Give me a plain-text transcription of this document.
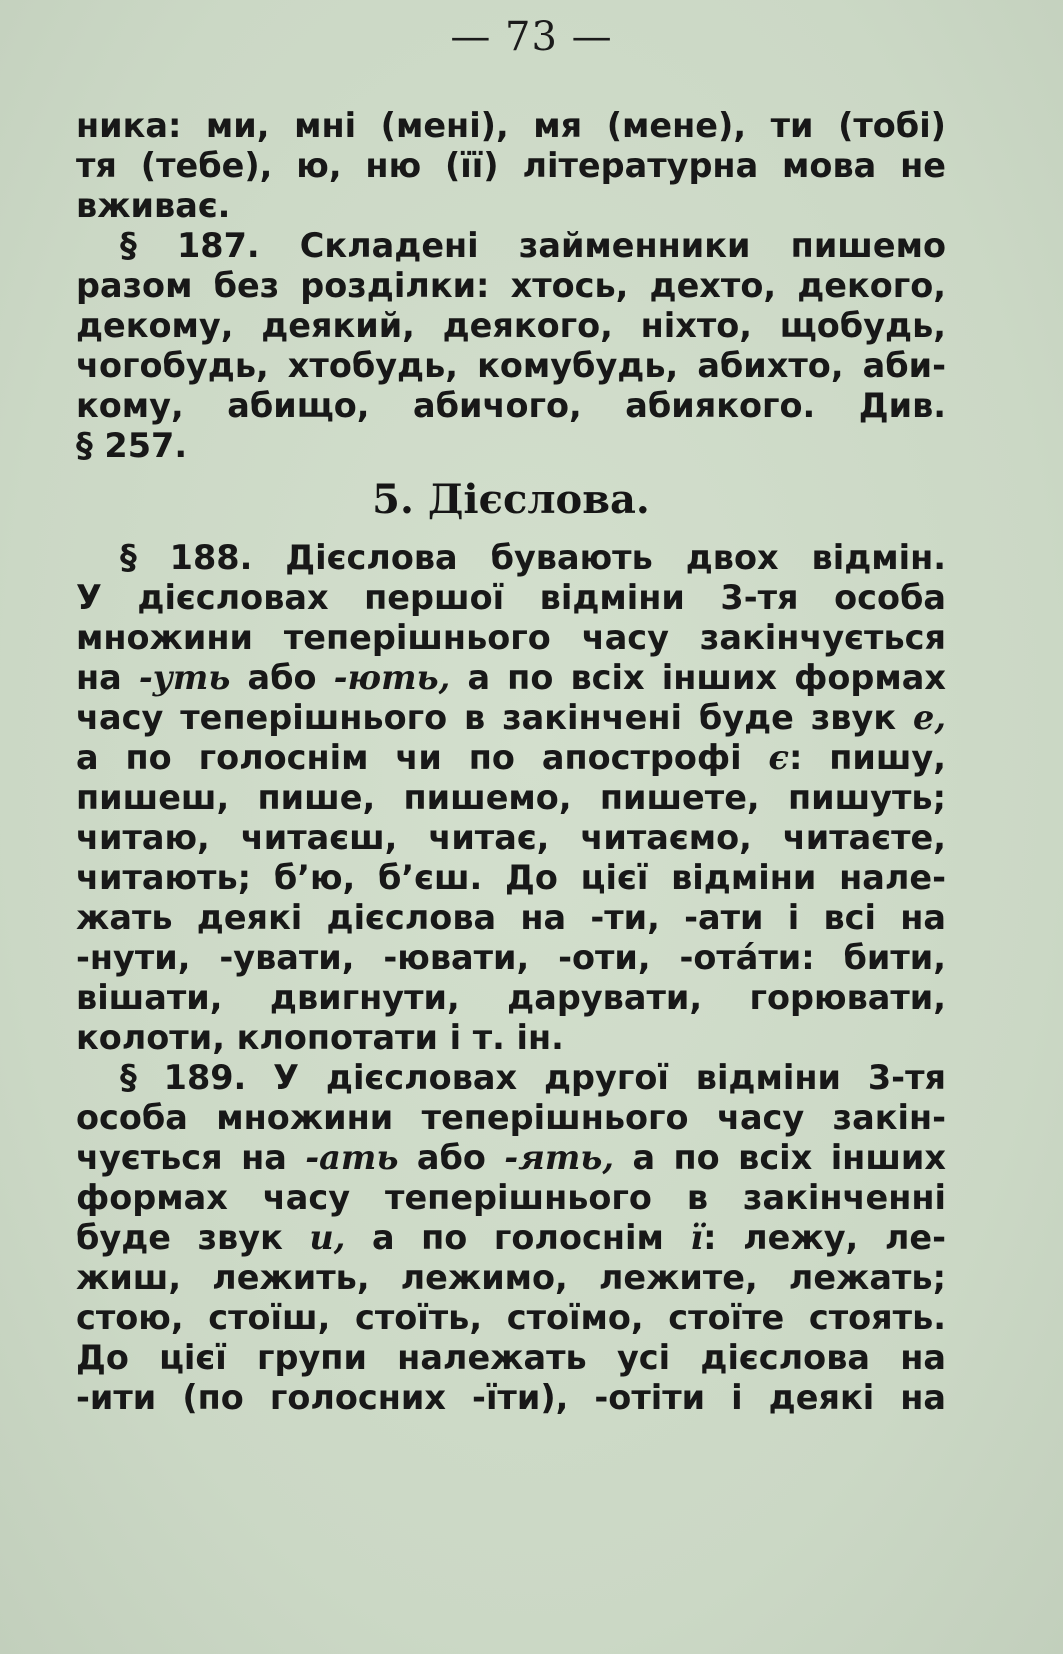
— 73 —
ника: ми, мні (мені), мя (мене), ти (тобі)
тя (тебе), ю, ню (її) літературна мова не
вживає.
§ 187. Складені займенники пишемо
разом без розділки: хтось, дехто, декого,
декому, деякий, деякого, ніхто, щобудь,
чогобудь, хтобудь, комубудь, абихто, аби-
кому, абищо, абичого, абиякого. Див.
§ 257.
5. Дієслова.
§ 188. Дієслова бувають двох відмін.
У дієсловах першої відміни 3-тя особа
множини теперішнього часу закінчується
на -уть або -ють, а по всіх інших формах
часу теперішнього в закінчені буде звук е,
а по голоснім чи по апострофі є: пишу,
пишеш, пише, пишемо, пишете, пишуть;
читаю, читаєш, читає, читаємо, читаєте,
читають; б’ю, б’єш. До цієї відміни нале-
жать деякі дієслова на -ти, -ати і всі на
-нути, -увати, -ювати, -оти, -отáти: бити,
вішати, двигнути, дарувати, горювати,
колоти, клопотати і т. ін.
§ 189. У дієсловах другої відміни 3-тя
особа множини теперішнього часу закін-
чується на -ать або -ять, а по всіх інших
формах часу теперішнього в закінченні
буде звук и, а по голоснім ї: лежу, ле-
жиш, лежить, лежимо, лежите, лежать;
стою, стоїш, стоїть, стоїмо, стоїте стоять.
До цієї групи належать усі дієслова на
-ити (по голосних -їти), -отіти і деякі на
